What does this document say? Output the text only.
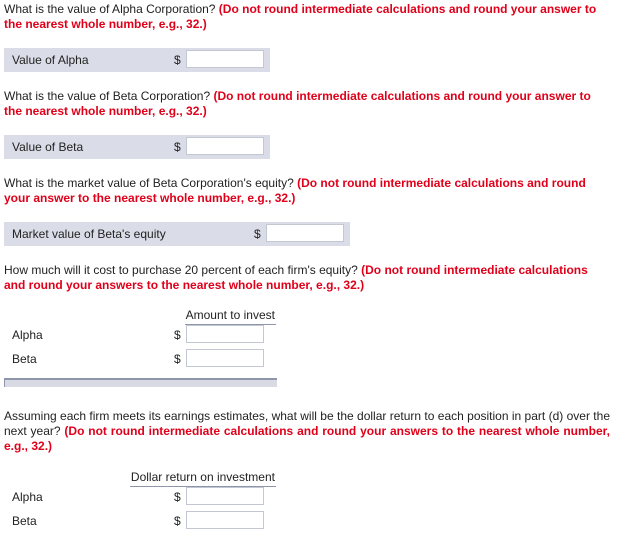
What is the value of Alpha Corporation? (Do not round intermediate calculations and round your answer to the nearest whole number, e.g., 32.)
Value of Alpha	$
What is the value of Beta Corporation? (Do not round intermediate calculations and round your answer to the nearest whole number, e.g., 32.)
Value of Beta	$
What is the market value of Beta Corporation's equity? (Do not round intermediate calculations and round your answer to the nearest whole number, e.g., 32.)
Market value of Beta's equity	$
How much will it cost to purchase 20 percent of each firm's equity? (Do not round intermediate calculations and round your answers to the nearest whole number, e.g., 32.)
Amount to invest
Alpha	$
Beta	$
Assuming each firm meets its earnings estimates, what will be the dollar return to each position in part (d) over the next year? (Do not round intermediate calculations and round your answers to the nearest whole number, e.g., 32.)
Dollar return on investment
Alpha	$
Beta	$
